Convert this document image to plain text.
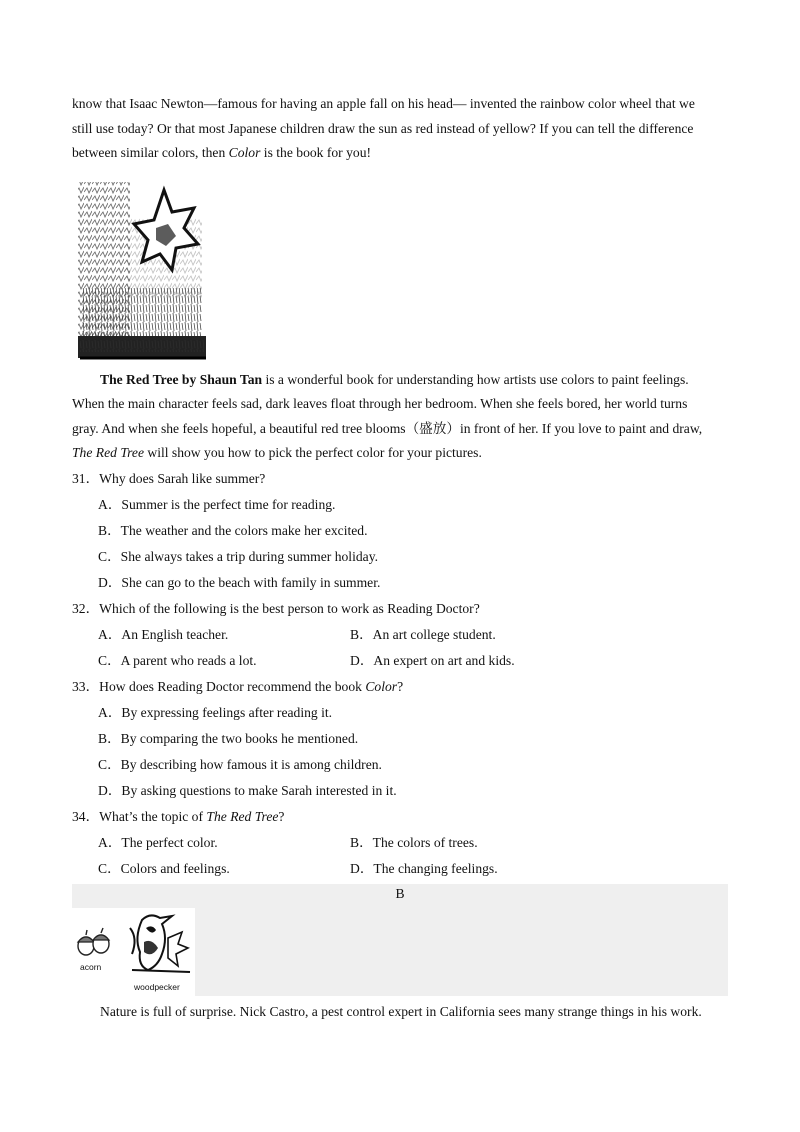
know that Isaac Newton—famous for having an apple fall on his head— invented the rainbow color wheel that we
still use today? Or that most Japanese children draw the sun as red instead of yellow? If you can tell the difference
between similar colors, then Color is the book for you!
The Red Tree by Shaun Tan is a wonderful book for understanding how artists use colors to paint feelings.
When the main character feels sad, dark leaves float through her bedroom. When she feels bored, her world turns
gray. And when she feels hopeful, a beautiful red tree blooms（盛放）in front of her. If you love to paint and draw,
The Red Tree will show you how to pick the perfect color for your pictures.
31．Why does Sarah like summer?
A．Summer is the perfect time for reading.
B．The weather and the colors make her excited.
C．She always takes a trip during summer holiday.
D．She can go to the beach with family in summer.
32．Which of the following is the best person to work as Reading Doctor?
A．An English teacher.	B．An art college student.
C．A parent who reads a lot.	D．An expert on art and kids.
33．How does Reading Doctor recommend the book Color?
A．By expressing feelings after reading it.
B．By comparing the two books he mentioned.
C．By describing how famous it is among children.
D．By asking questions to make Sarah interested in it.
34．What’s the topic of The Red Tree?
A．The perfect color.	B．The colors of trees.
C．Colors and feelings.	D．The changing feelings.
B
acorn
woodpecker
Nature is full of surprise. Nick Castro, a pest control expert in California sees many strange things in his work.
